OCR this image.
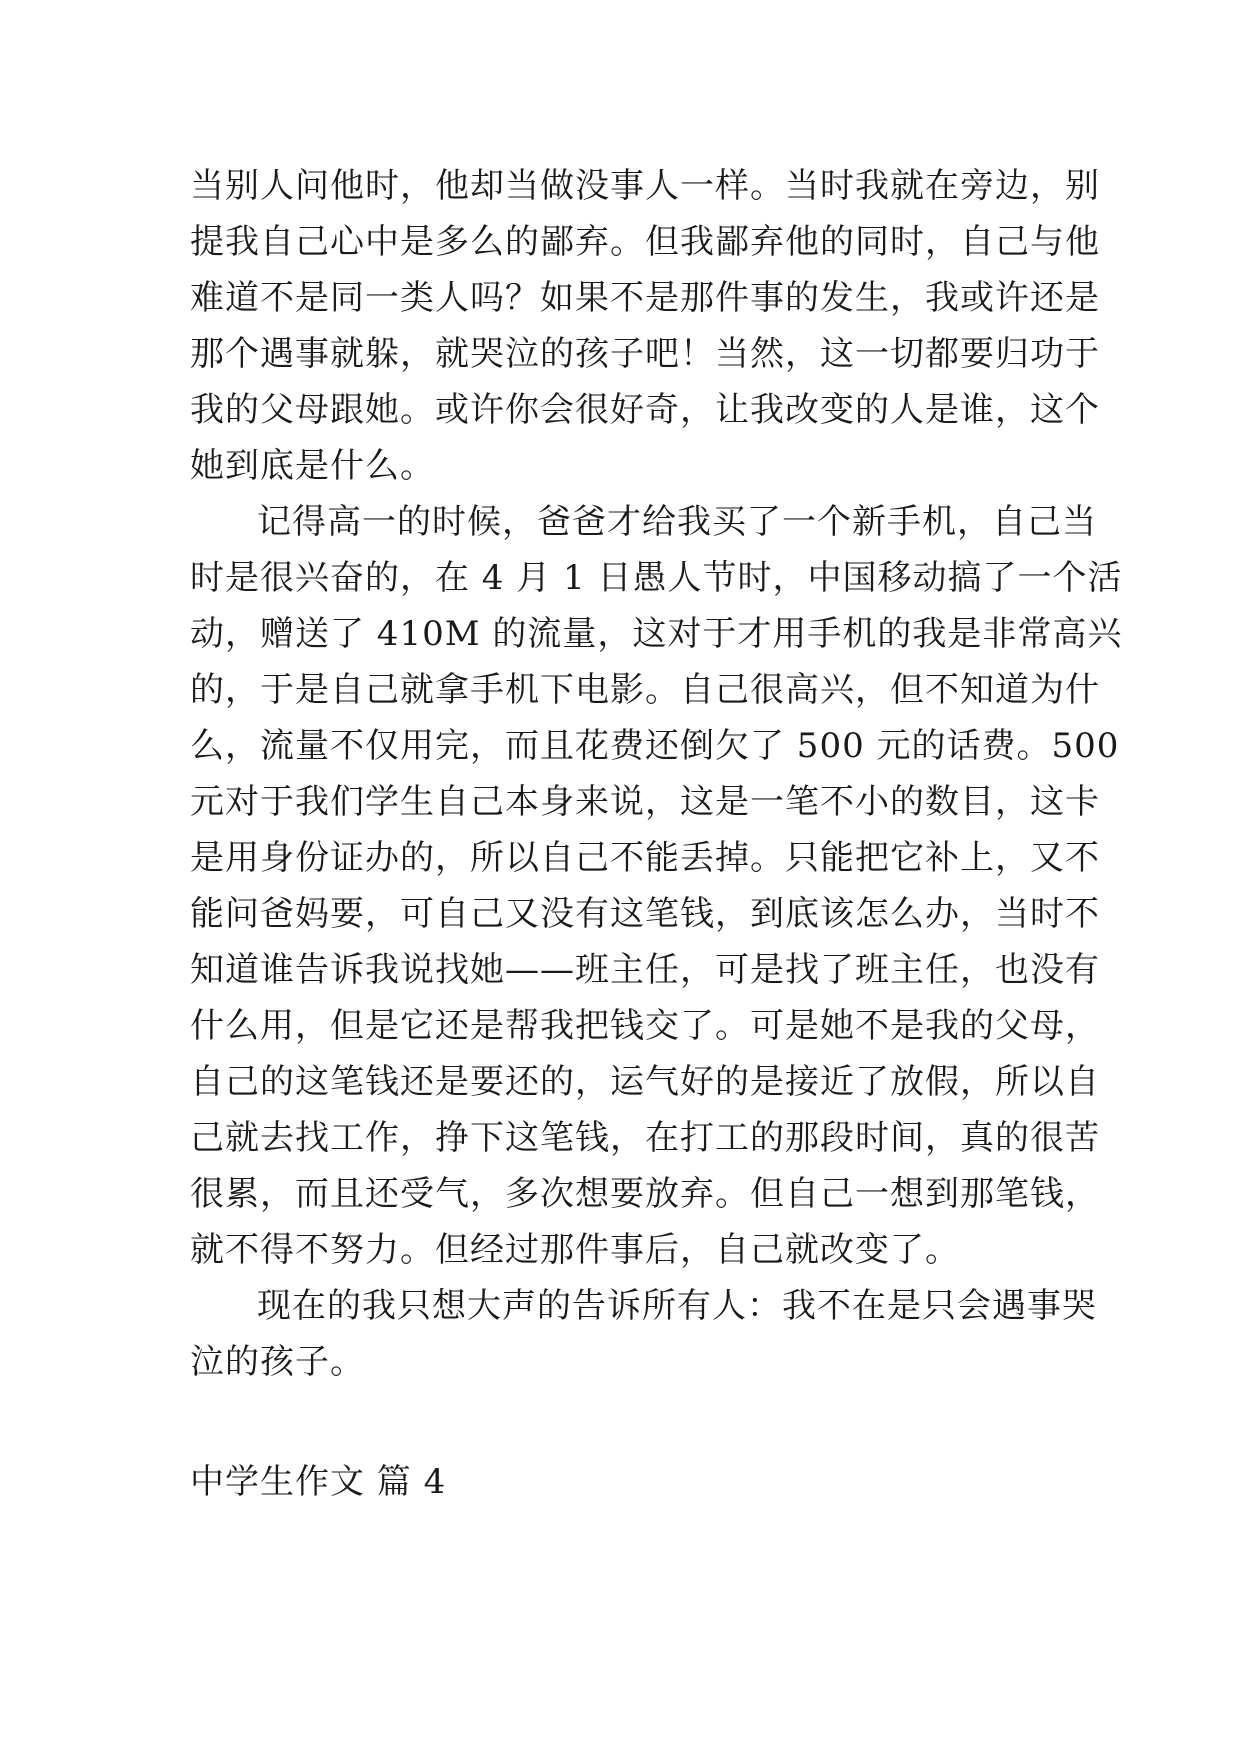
当别人问他时，他却当做没事人一样。当时我就在旁边，别
提我自己心中是多么的鄙弃。但我鄙弃他的同时，自己与他
难道不是同一类人吗？如果不是那件事的发生，我或许还是
那个遇事就躲，就哭泣的孩子吧！当然，这一切都要归功于
我的父母跟她。或许你会很好奇，让我改变的人是谁，这个
她到底是什么。
记得高一的时候，爸爸才给我买了一个新手机，自己当
时是很兴奋的，在 4 月 1 日愚人节时，中国移动搞了一个活
动，赠送了 410M 的流量，这对于才用手机的我是非常高兴
的，于是自己就拿手机下电影。自己很高兴，但不知道为什
么，流量不仅用完，而且花费还倒欠了 500 元的话费。500
元对于我们学生自己本身来说，这是一笔不小的数目，这卡
是用身份证办的，所以自己不能丢掉。只能把它补上，又不
能问爸妈要，可自己又没有这笔钱，到底该怎么办，当时不
知道谁告诉我说找她——班主任，可是找了班主任，也没有
什么用，但是它还是帮我把钱交了。可是她不是我的父母，
自己的这笔钱还是要还的，运气好的是接近了放假，所以自
己就去找工作，挣下这笔钱，在打工的那段时间，真的很苦
很累，而且还受气，多次想要放弃。但自己一想到那笔钱，
就不得不努力。但经过那件事后，自己就改变了。
现在的我只想大声的告诉所有人：我不在是只会遇事哭
泣的孩子。
中学生作文 篇 4
